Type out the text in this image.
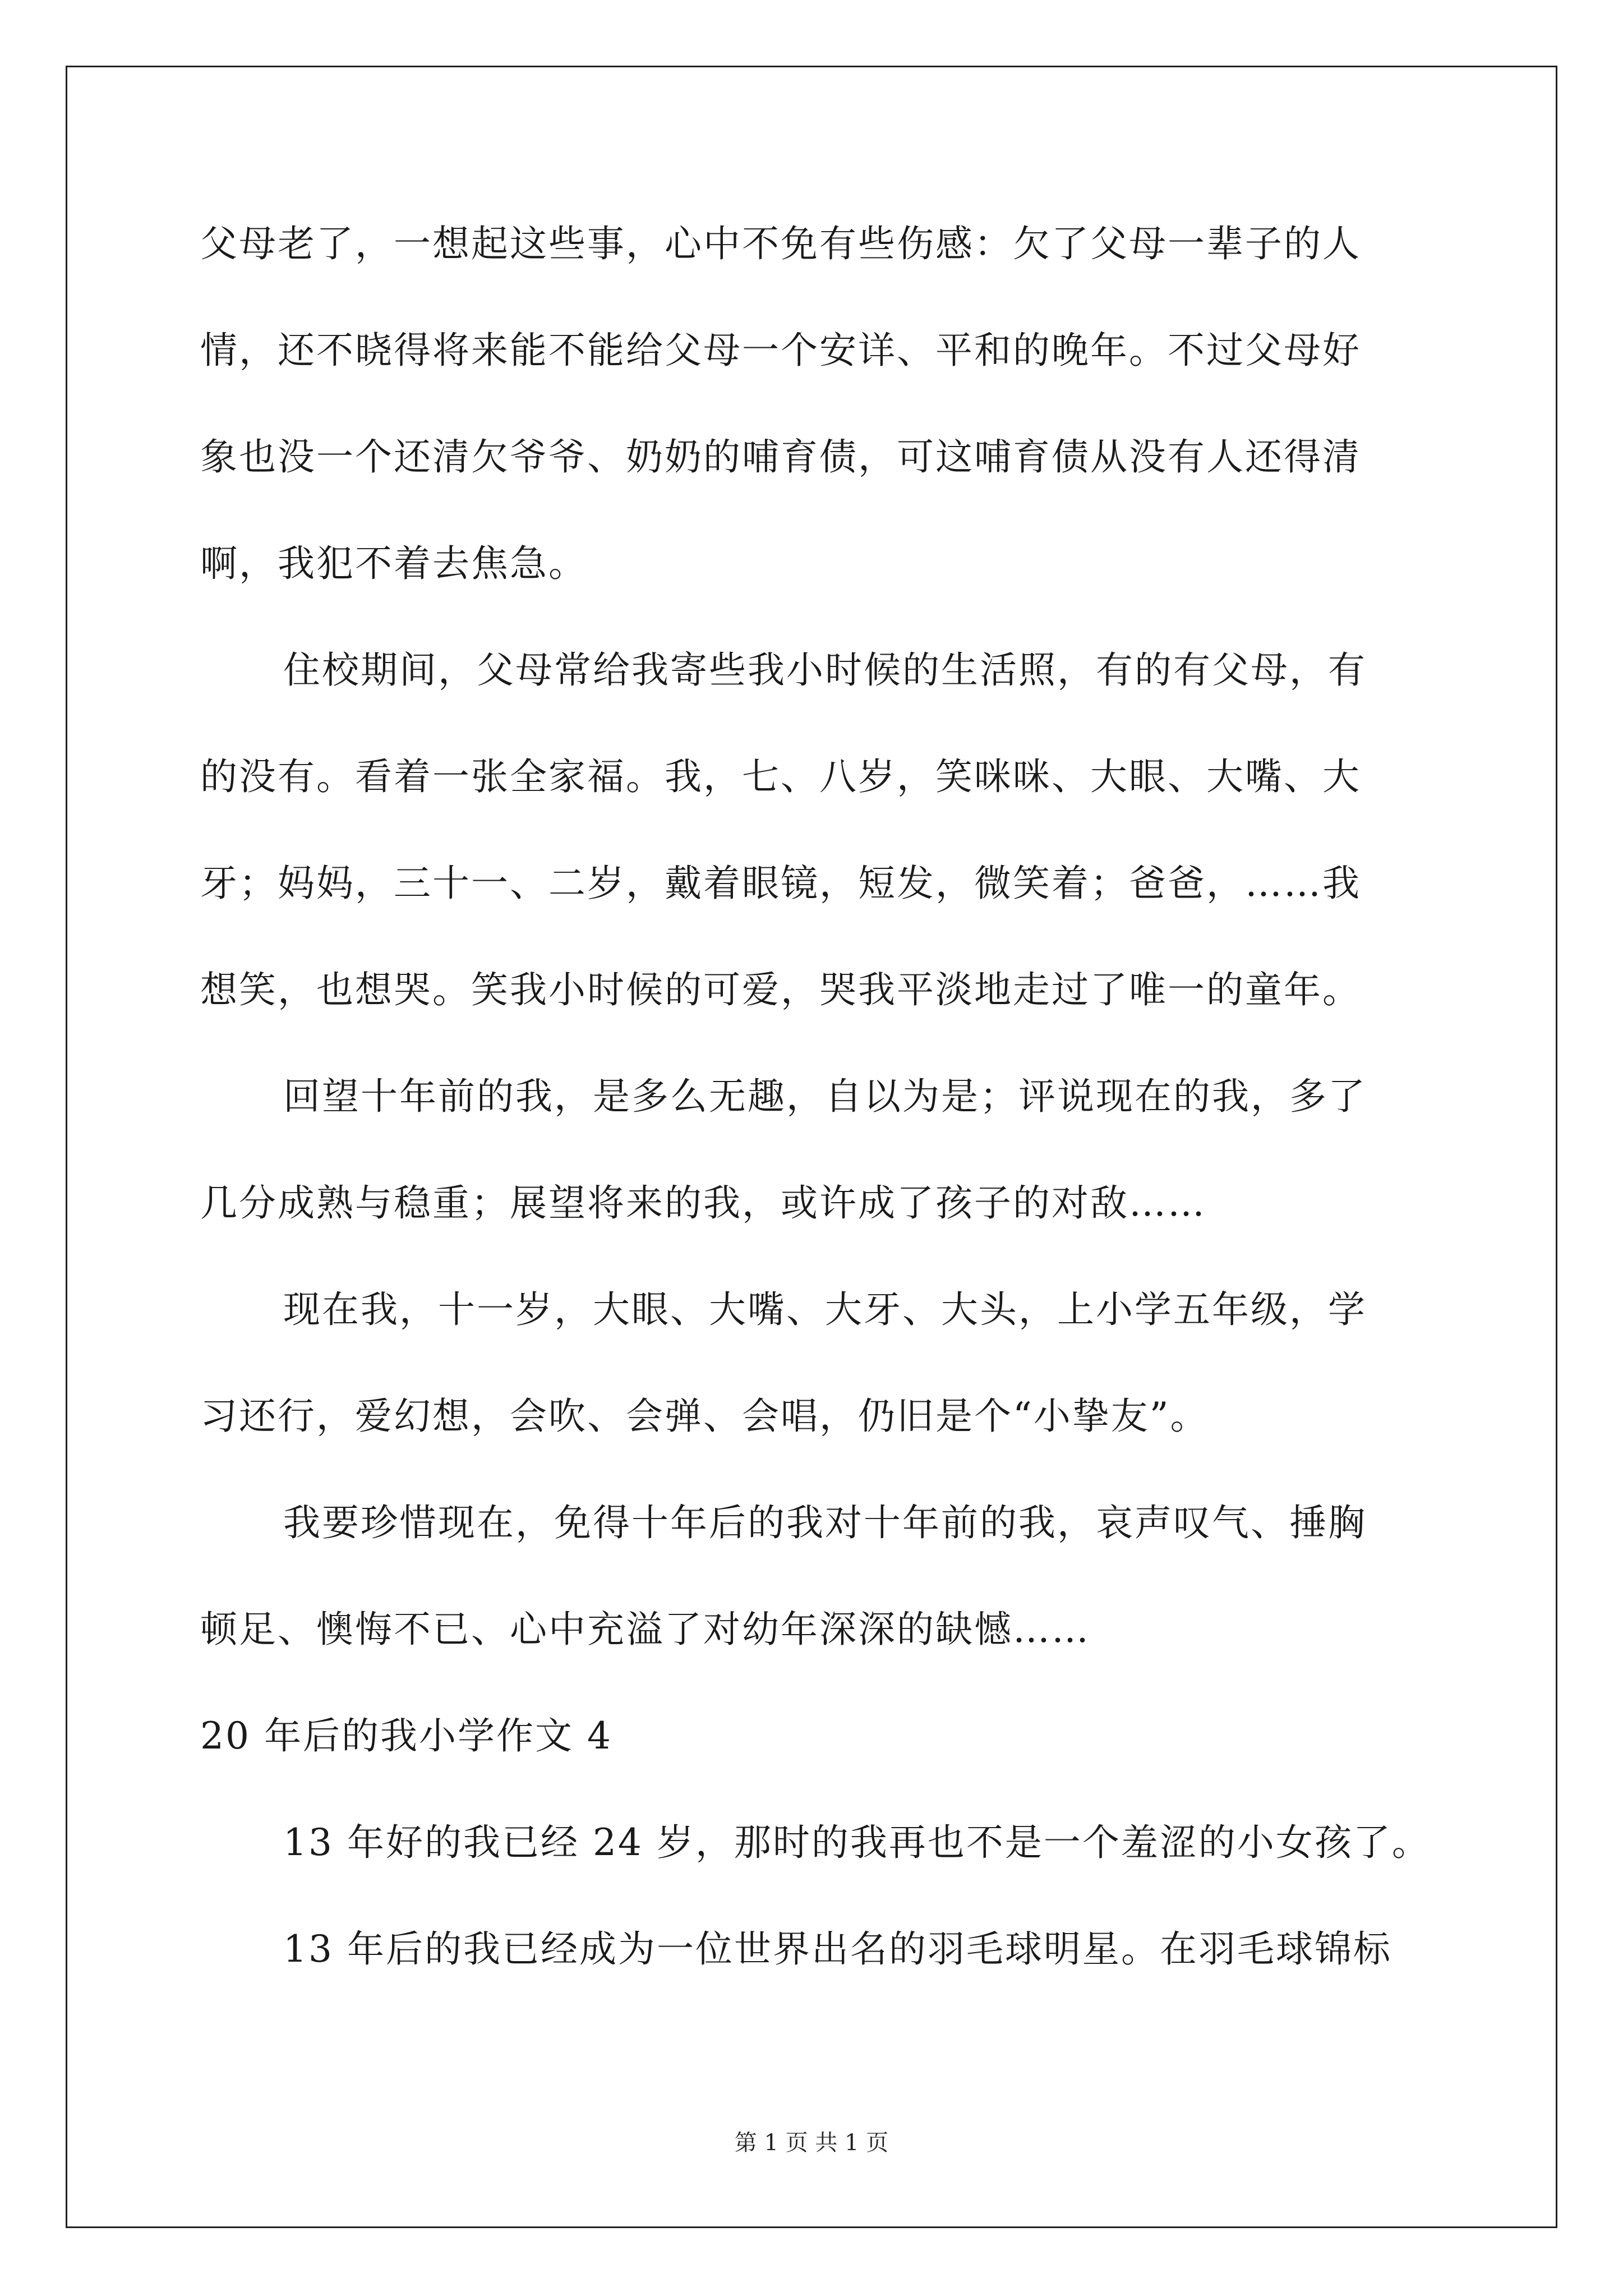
父母老了，一想起这些事，心中不免有些伤感：欠了父母一辈子的人
情，还不晓得将来能不能给父母一个安详、平和的晚年。不过父母好
象也没一个还清欠爷爷、奶奶的哺育债，可这哺育债从没有人还得清
啊，我犯不着去焦急。
住校期间，父母常给我寄些我小时候的生活照，有的有父母，有
的没有。看着一张全家福。我，七、八岁，笑咪咪、大眼、大嘴、大
牙；妈妈，三十一、二岁，戴着眼镜，短发，微笑着；爸爸，……我
想笑，也想哭。笑我小时候的可爱，哭我平淡地走过了唯一的童年。
回望十年前的我，是多么无趣，自以为是；评说现在的我，多了
几分成熟与稳重；展望将来的我，或许成了孩子的对敌……
现在我，十一岁，大眼、大嘴、大牙、大头，上小学五年级，学
习还行，爱幻想，会吹、会弹、会唱，仍旧是个“小挚友”。
我要珍惜现在，免得十年后的我对十年前的我，哀声叹气、捶胸
顿足、懊悔不已、心中充溢了对幼年深深的缺憾……
20 年后的我小学作文 4
13 年好的我已经 24 岁，那时的我再也不是一个羞涩的小女孩了。
13 年后的我已经成为一位世界出名的羽毛球明星。在羽毛球锦标
第 1 页 共 1 页
